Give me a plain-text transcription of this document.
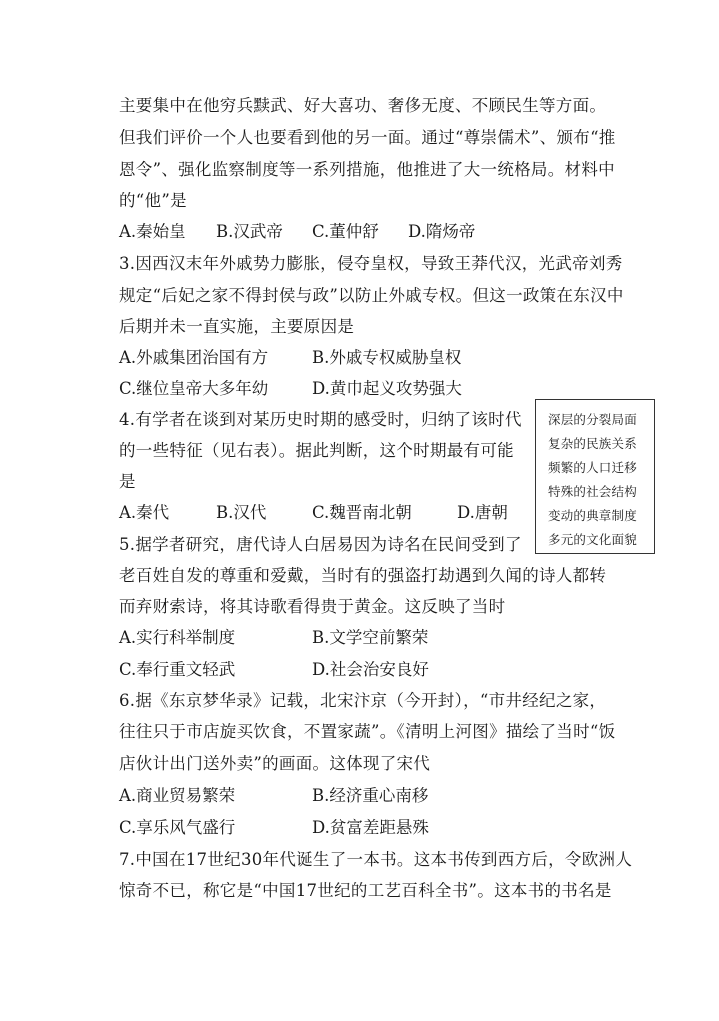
主要集中在他穷兵黩武、好大喜功、奢侈无度、不顾民生等方面。
但我们评价一个人也要看到他的另一面。通过“尊崇儒术”、颁布“推
恩令”、强化监察制度等一系列措施，他推进了大一统格局。材料中
的“他”是
A.秦始皇 B.汉武帝 C.董仲舒 D.隋炀帝
3.因西汉末年外戚势力膨胀，侵夺皇权，导致王莽代汉，光武帝刘秀
规定“后妃之家不得封侯与政”以防止外戚专权。但这一政策在东汉中
后期并未一直实施，主要原因是
A.外戚集团治国有方	B.外戚专权威胁皇权
C.继位皇帝大多年幼	D.黄巾起义攻势强大
4.有学者在谈到对某历史时期的感受时，归纳了该时代
的一些特征（见右表）。据此判断，这个时期最有可能
是
A.秦代	B.汉代	C.魏晋南北朝	D.唐朝
深层的分裂局面
复杂的民族关系
频繁的人口迁移
特殊的社会结构
变动的典章制度
多元的文化面貌
5.据学者研究，唐代诗人白居易因为诗名在民间受到了
老百姓自发的尊重和爱戴，当时有的强盗打劫遇到久闻的诗人都转
而弃财索诗，将其诗歌看得贵于黄金。这反映了当时
A.实行科举制度	B.文学空前繁荣
C.奉行重文轻武	D.社会治安良好
6.据《东京梦华录》记载，北宋汴京（今开封），“市井经纪之家，
往往只于市店旋买饮食，不置家蔬”。《清明上河图》描绘了当时“饭
店伙计出门送外卖”的画面。这体现了宋代
A.商业贸易繁荣	B.经济重心南移
C.享乐风气盛行	D.贫富差距悬殊
7.中国在17世纪30年代诞生了一本书。这本书传到西方后，令欧洲人
惊奇不已，称它是“中国17世纪的工艺百科全书”。这本书的书名是
